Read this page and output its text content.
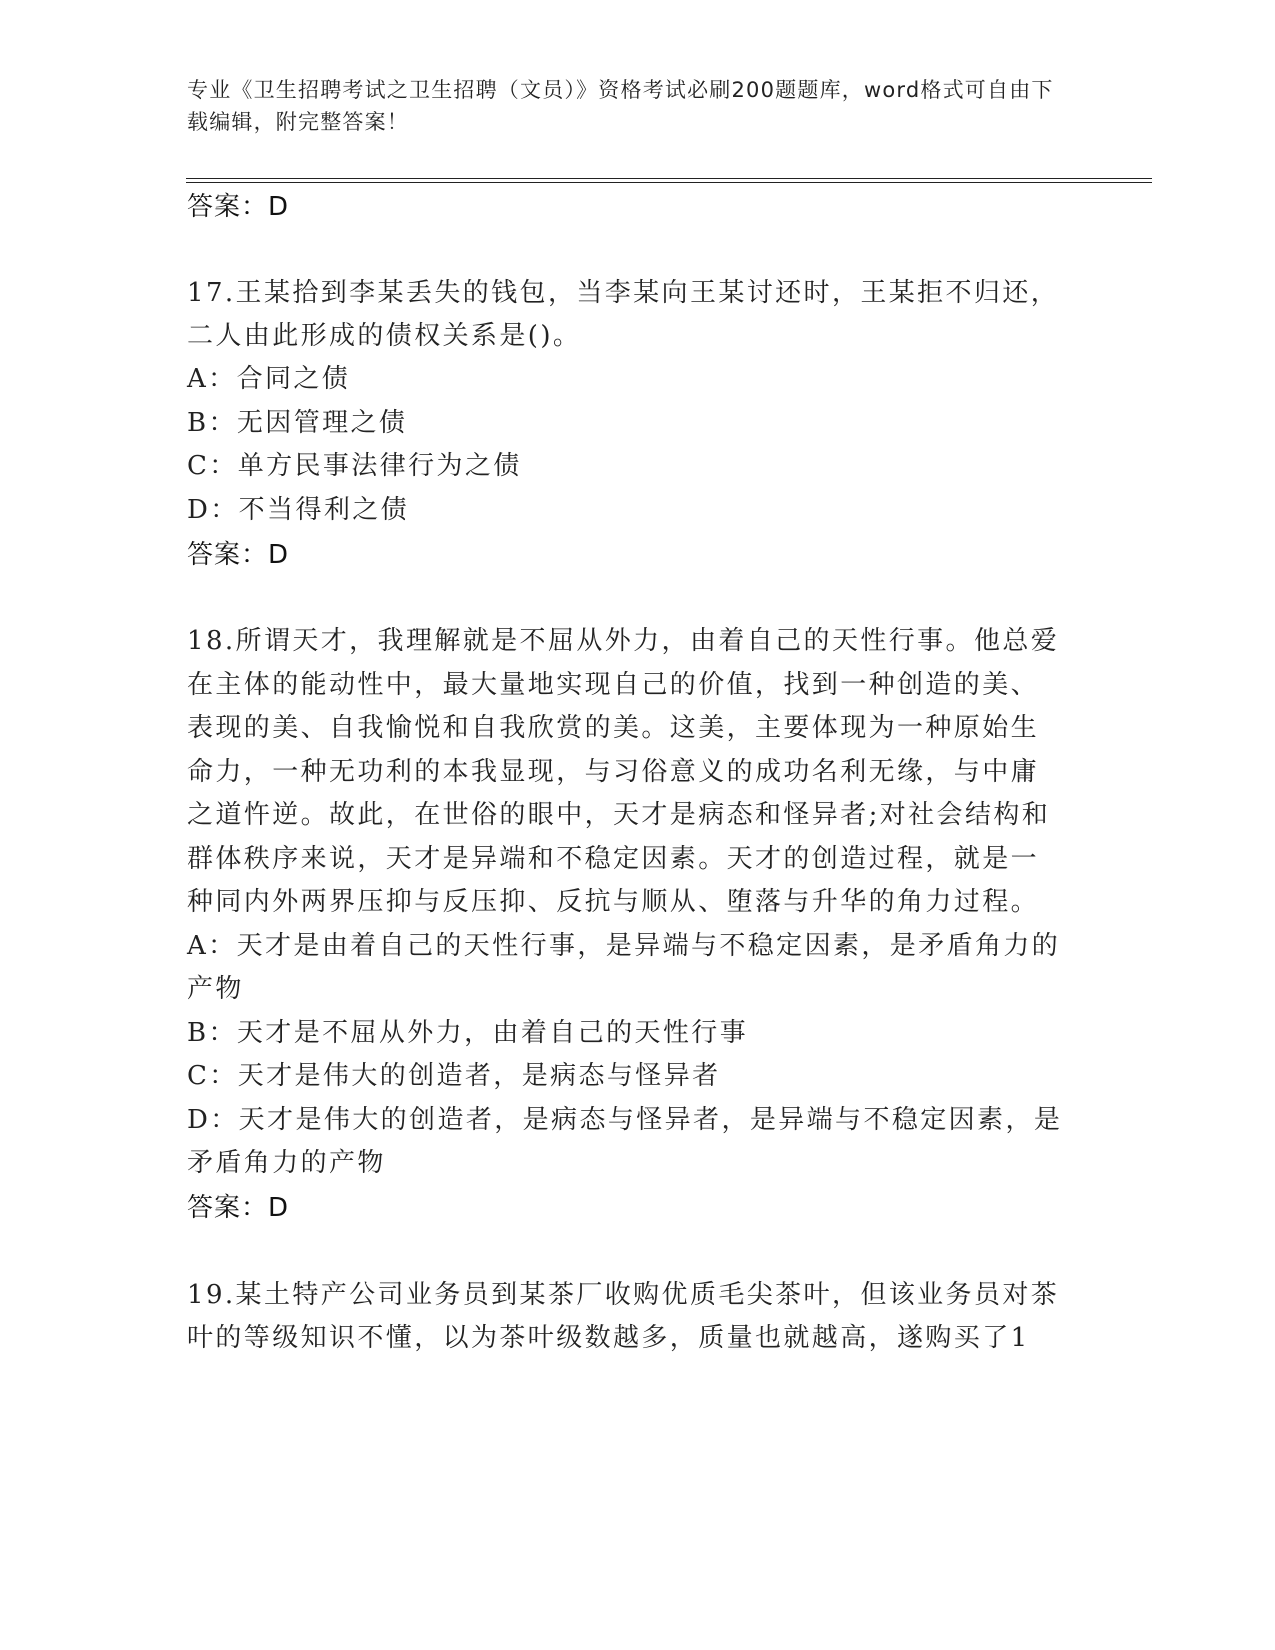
专业《卫生招聘考试之卫生招聘（文员）》资格考试必刷200题题库，word格式可自由下载编辑，附完整答案！
答案：D
17.王某拾到李某丢失的钱包，当李某向王某讨还时，王某拒不归还，
二人由此形成的债权关系是()。
A：合同之债
B：无因管理之债
C：单方民事法律行为之债
D：不当得利之债
答案：D
18.所谓天才，我理解就是不屈从外力，由着自己的天性行事。他总爱
在主体的能动性中，最大量地实现自己的价值，找到一种创造的美、
表现的美、自我愉悦和自我欣赏的美。这美，主要体现为一种原始生
命力，一种无功利的本我显现，与习俗意义的成功名利无缘，与中庸
之道忤逆。故此，在世俗的眼中，天才是病态和怪异者;对社会结构和
群体秩序来说，天才是异端和不稳定因素。天才的创造过程，就是一
种同内外两界压抑与反压抑、反抗与顺从、堕落与升华的角力过程。
A：天才是由着自己的天性行事，是异端与不稳定因素，是矛盾角力的
产物
B：天才是不屈从外力，由着自己的天性行事
C：天才是伟大的创造者，是病态与怪异者
D：天才是伟大的创造者，是病态与怪异者，是异端与不稳定因素，是
矛盾角力的产物
答案：D
19.某土特产公司业务员到某茶厂收购优质毛尖茶叶，但该业务员对茶
叶的等级知识不懂，以为茶叶级数越多，质量也就越高，遂购买了1
